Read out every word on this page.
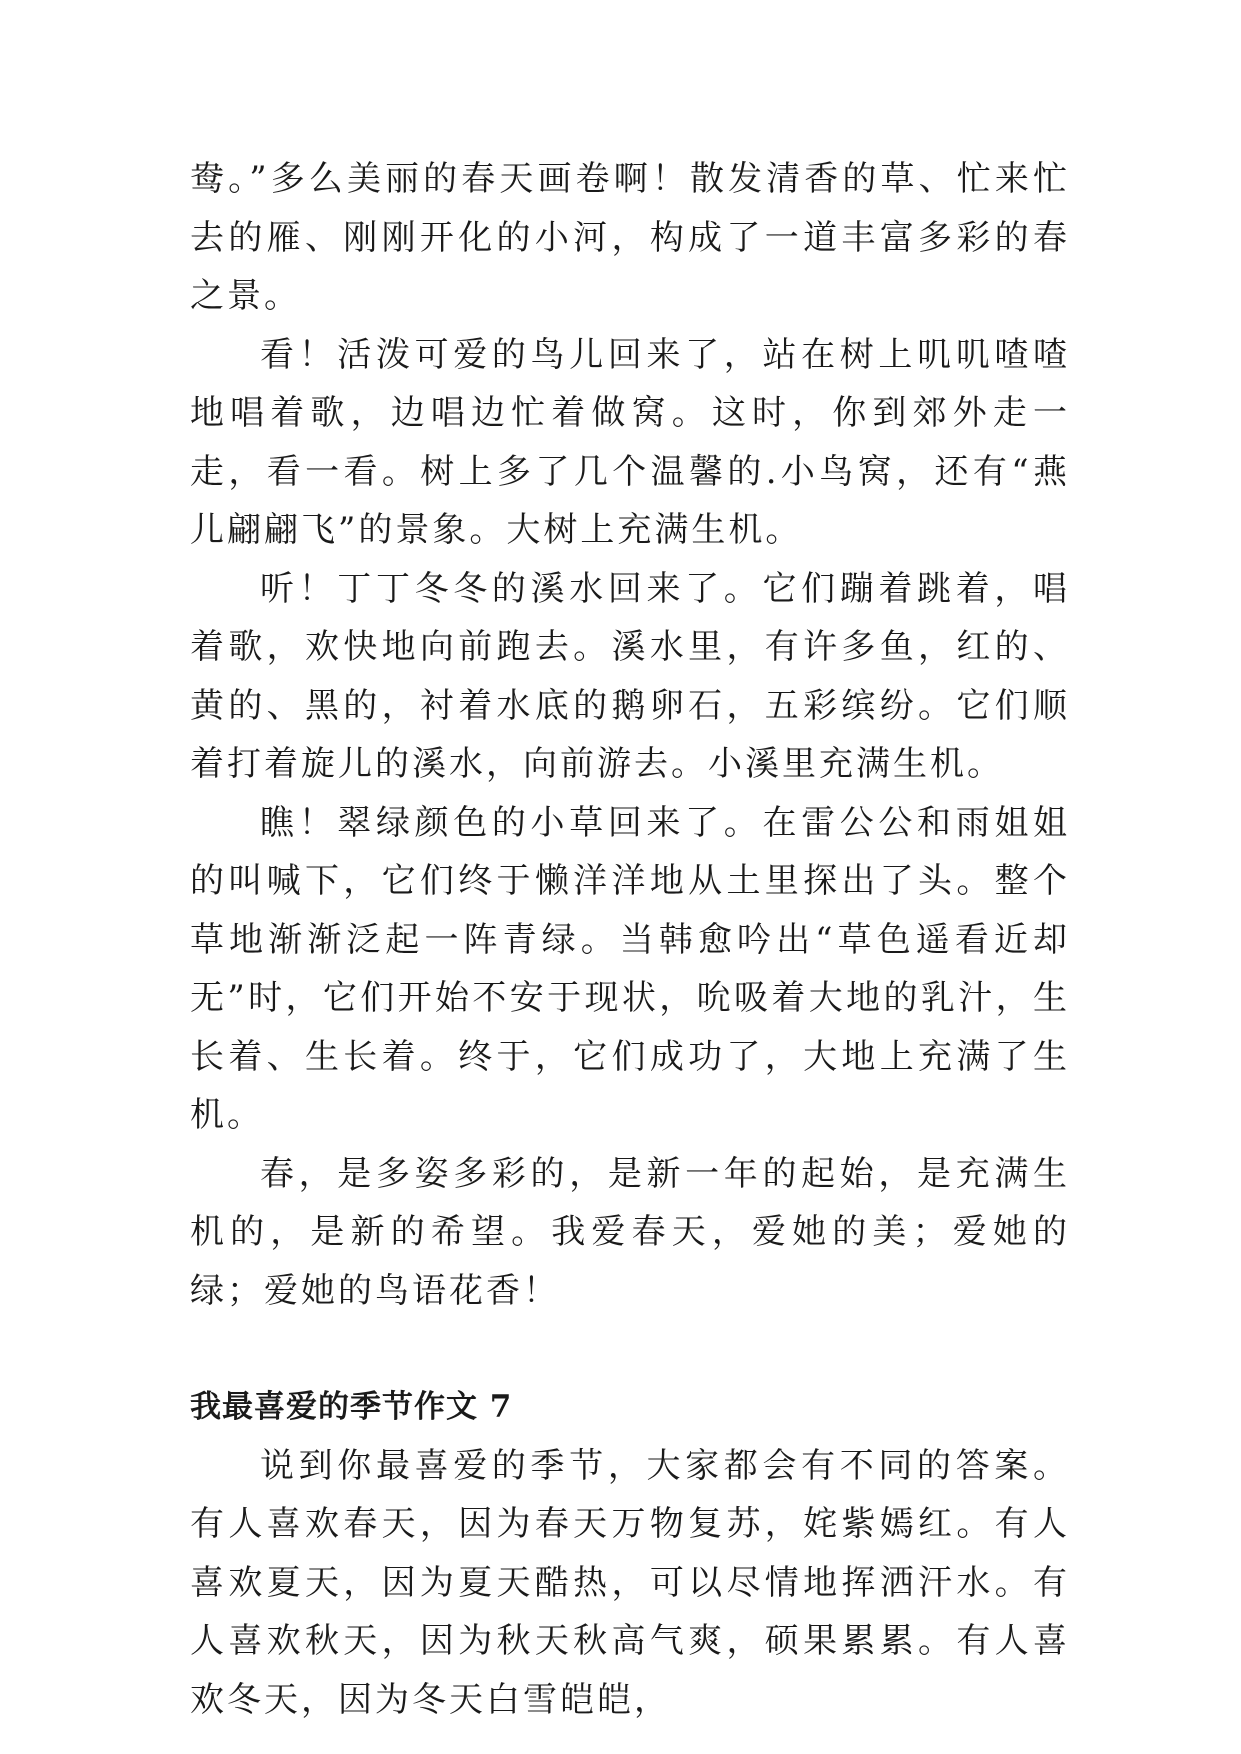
鸯。”多么美丽的春天画卷啊！散发清香的草、忙来忙去的雁、刚刚开化的小河，构成了一道丰富多彩的春之景。

看！活泼可爱的鸟儿回来了，站在树上叽叽喳喳地唱着歌，边唱边忙着做窝。这时，你到郊外走一走，看一看。树上多了几个温馨的.小鸟窝，还有“燕儿翩翩飞”的景象。大树上充满生机。

听！丁丁冬冬的溪水回来了。它们蹦着跳着，唱着歌，欢快地向前跑去。溪水里，有许多鱼，红的、黄的、黑的，衬着水底的鹅卵石，五彩缤纷。它们顺着打着旋儿的溪水，向前游去。小溪里充满生机。

瞧！翠绿颜色的小草回来了。在雷公公和雨姐姐的叫喊下，它们终于懒洋洋地从土里探出了头。整个草地渐渐泛起一阵青绿。当韩愈吟出“草色遥看近却无”时，它们开始不安于现状，吮吸着大地的乳汁，生长着、生长着。终于，它们成功了，大地上充满了生机。

春，是多姿多彩的，是新一年的起始，是充满生机的，是新的希望。我爱春天，爱她的美；爱她的绿；爱她的鸟语花香！

我最喜爱的季节作文 7

说到你最喜爱的季节，大家都会有不同的答案。有人喜欢春天，因为春天万物复苏，姹紫嫣红。有人喜欢夏天，因为夏天酷热，可以尽情地挥洒汗水。有人喜欢秋天，因为秋天秋高气爽，硕果累累。有人喜欢冬天，因为冬天白雪皑皑，
